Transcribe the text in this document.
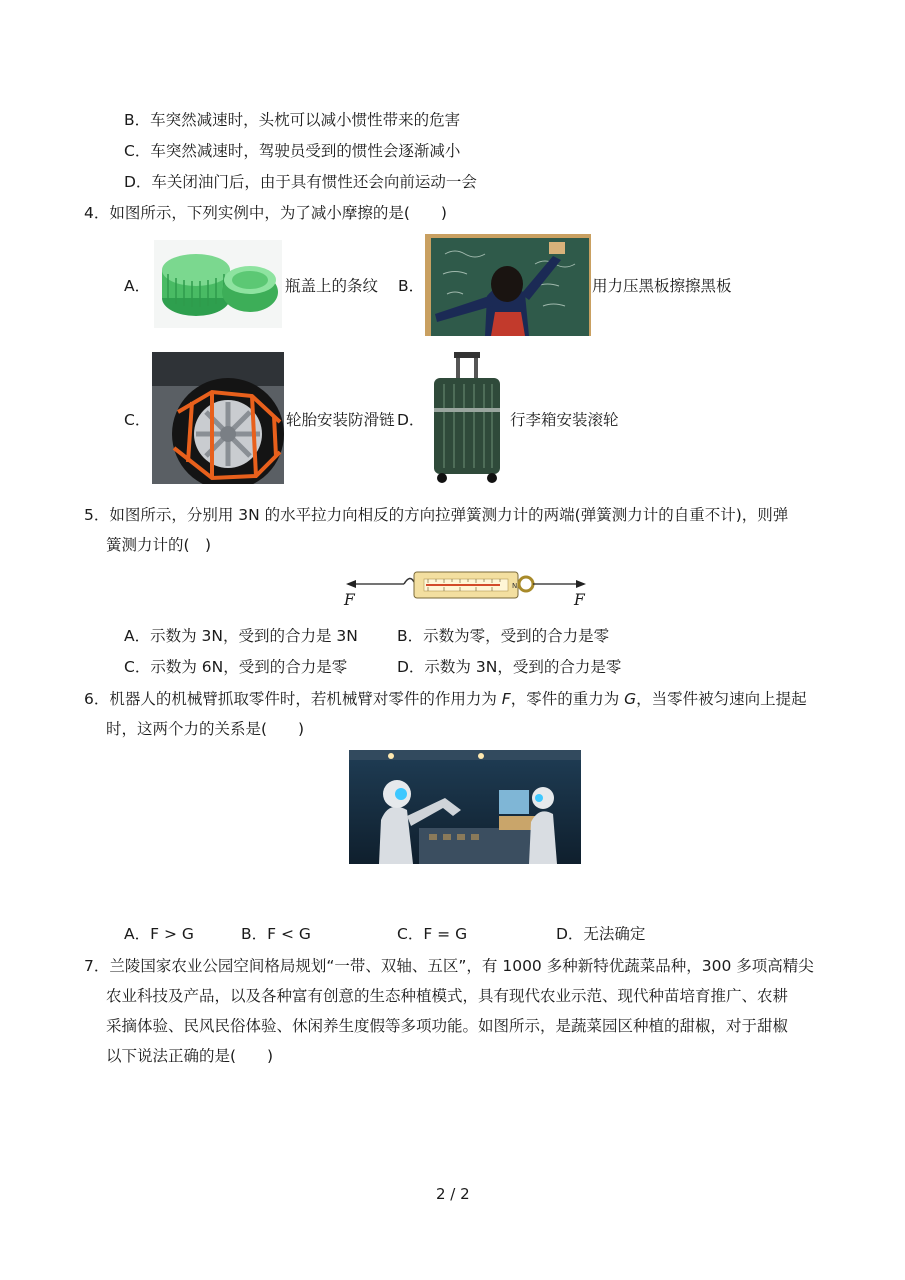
B．车突然减速时，头枕可以减小惯性带来的危害
C．车突然减速时，驾驶员受到的惯性会逐渐减小
D．车关闭油门后，由于具有惯性还会向前运动一会
4．如图所示，下列实例中，为了减小摩擦的是(　　)
A．	瓶盖上的条纹 B．	用力压黑板擦擦黑板
C．	轮胎安装防滑链 D．	行李箱安装滚轮
5．如图所示，分别用 3N 的水平拉力向相反的方向拉弹簧测力计的两端(弹簧测力计的自重不计)，则弹
簧测力计的(　)
N
F	F
A．示数为 3N，受到的合力是 3N	B．示数为零，受到的合力是零
C．示数为 6N，受到的合力是零	D．示数为 3N，受到的合力是零
6．机器人的机械臂抓取零件时，若机械臂对零件的作用力为 F，零件的重力为 G，当零件被匀速向上提起
时，这两个力的关系是(　　)
A．F > G	B．F < G	C．F = G	D．无法确定
7．兰陵国家农业公园空间格局规划“一带、双轴、五区”，有 1000 多种新特优蔬菜品种，300 多项高精尖
农业科技及产品，以及各种富有创意的生态种植模式，具有现代农业示范、现代种苗培育推广、农耕
采摘体验、民风民俗体验、休闲养生度假等多项功能。如图所示，是蔬菜园区种植的甜椒，对于甜椒
以下说法正确的是(　　)
2 / 2
